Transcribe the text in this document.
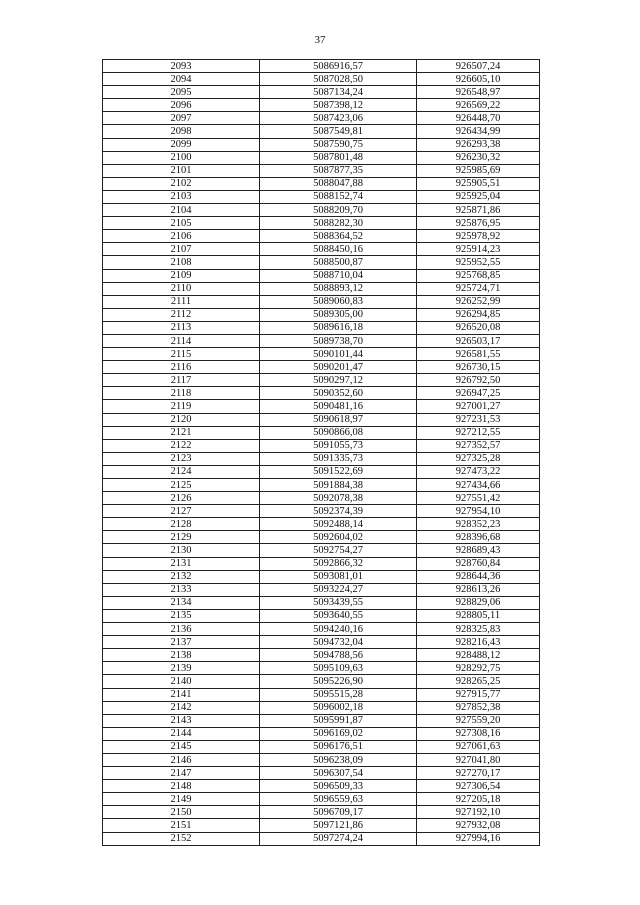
37
2093	5086916,57	926507,24
2094	5087028,50	926605,10
2095	5087134,24	926548,97
2096	5087398,12	926569,22
2097	5087423,06	926448,70
2098	5087549,81	926434,99
2099	5087590,75	926293,38
2100	5087801,48	926230,32
2101	5087877,35	925985,69
2102	5088047,88	925905,51
2103	5088152,74	925925,04
2104	5088209,70	925871,86
2105	5088282,30	925876,95
2106	5088364,52	925978,92
2107	5088450,16	925914,23
2108	5088500,87	925952,55
2109	5088710,04	925768,85
2110	5088893,12	925724,71
2111	5089060,83	926252,99
2112	5089305,00	926294,85
2113	5089616,18	926520,08
2114	5089738,70	926503,17
2115	5090101,44	926581,55
2116	5090201,47	926730,15
2117	5090297,12	926792,50
2118	5090352,60	926947,25
2119	5090481,16	927001,27
2120	5090618,97	927231,53
2121	5090866,08	927212,55
2122	5091055,73	927352,57
2123	5091335,73	927325,28
2124	5091522,69	927473,22
2125	5091884,38	927434,66
2126	5092078,38	927551,42
2127	5092374,39	927954,10
2128	5092488,14	928352,23
2129	5092604,02	928396,68
2130	5092754,27	928689,43
2131	5092866,32	928760,84
2132	5093081,01	928644,36
2133	5093224,27	928613,26
2134	5093439,55	928829,06
2135	5093640,55	928805,11
2136	5094240,16	928325,83
2137	5094732,04	928216,43
2138	5094788,56	928488,12
2139	5095109,63	928292,75
2140	5095226,90	928265,25
2141	5095515,28	927915,77
2142	5096002,18	927852,38
2143	5095991,87	927559,20
2144	5096169,02	927308,16
2145	5096176,51	927061,63
2146	5096238,09	927041,80
2147	5096307,54	927270,17
2148	5096509,33	927306,54
2149	5096559,63	927205,18
2150	5096709,17	927192,10
2151	5097121,86	927932,08
2152	5097274,24	927994,16
